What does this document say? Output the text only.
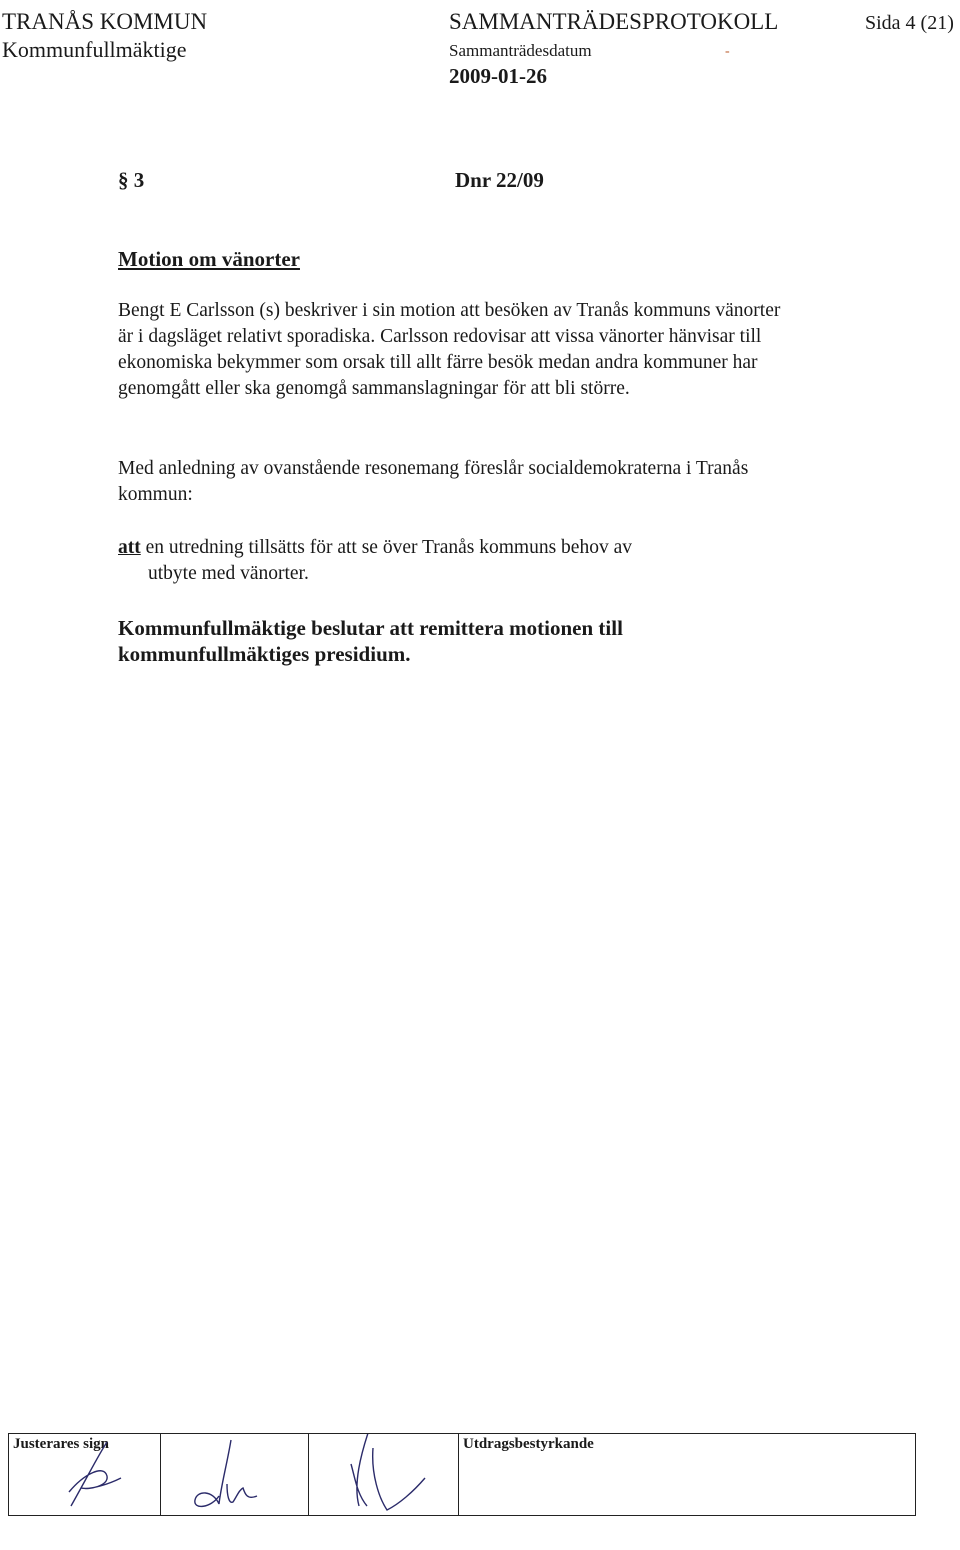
TRANÅS KOMMUN
Kommunfullmäktige
SAMMANTRÄDESPROTOKOLL
Sammanträdesdatum
2009-01-26
Sida 4 (21)
-
§ 3	Dnr 22/09
Motion om vänorter
Bengt E Carlsson (s) beskriver i sin motion att besöken av Tranås kommuns vänorter är i dagsläget relativt sporadiska. Carlsson redovisar att vissa vänorter hänvisar till ekonomiska bekymmer som orsak till allt färre besök medan andra kommuner har genomgått eller ska genomgå sammanslagningar för att bli större.
Med anledning av ovanstående resonemang föreslår socialdemokraterna i Tranås kommun:
att en utredning tillsätts för att se över Tranås kommuns behov av
utbyte med vänorter.
Kommunfullmäktige beslutar att remittera motionen till kommunfullmäktiges presidium.
Justerares sign	Utdragsbestyrkande
